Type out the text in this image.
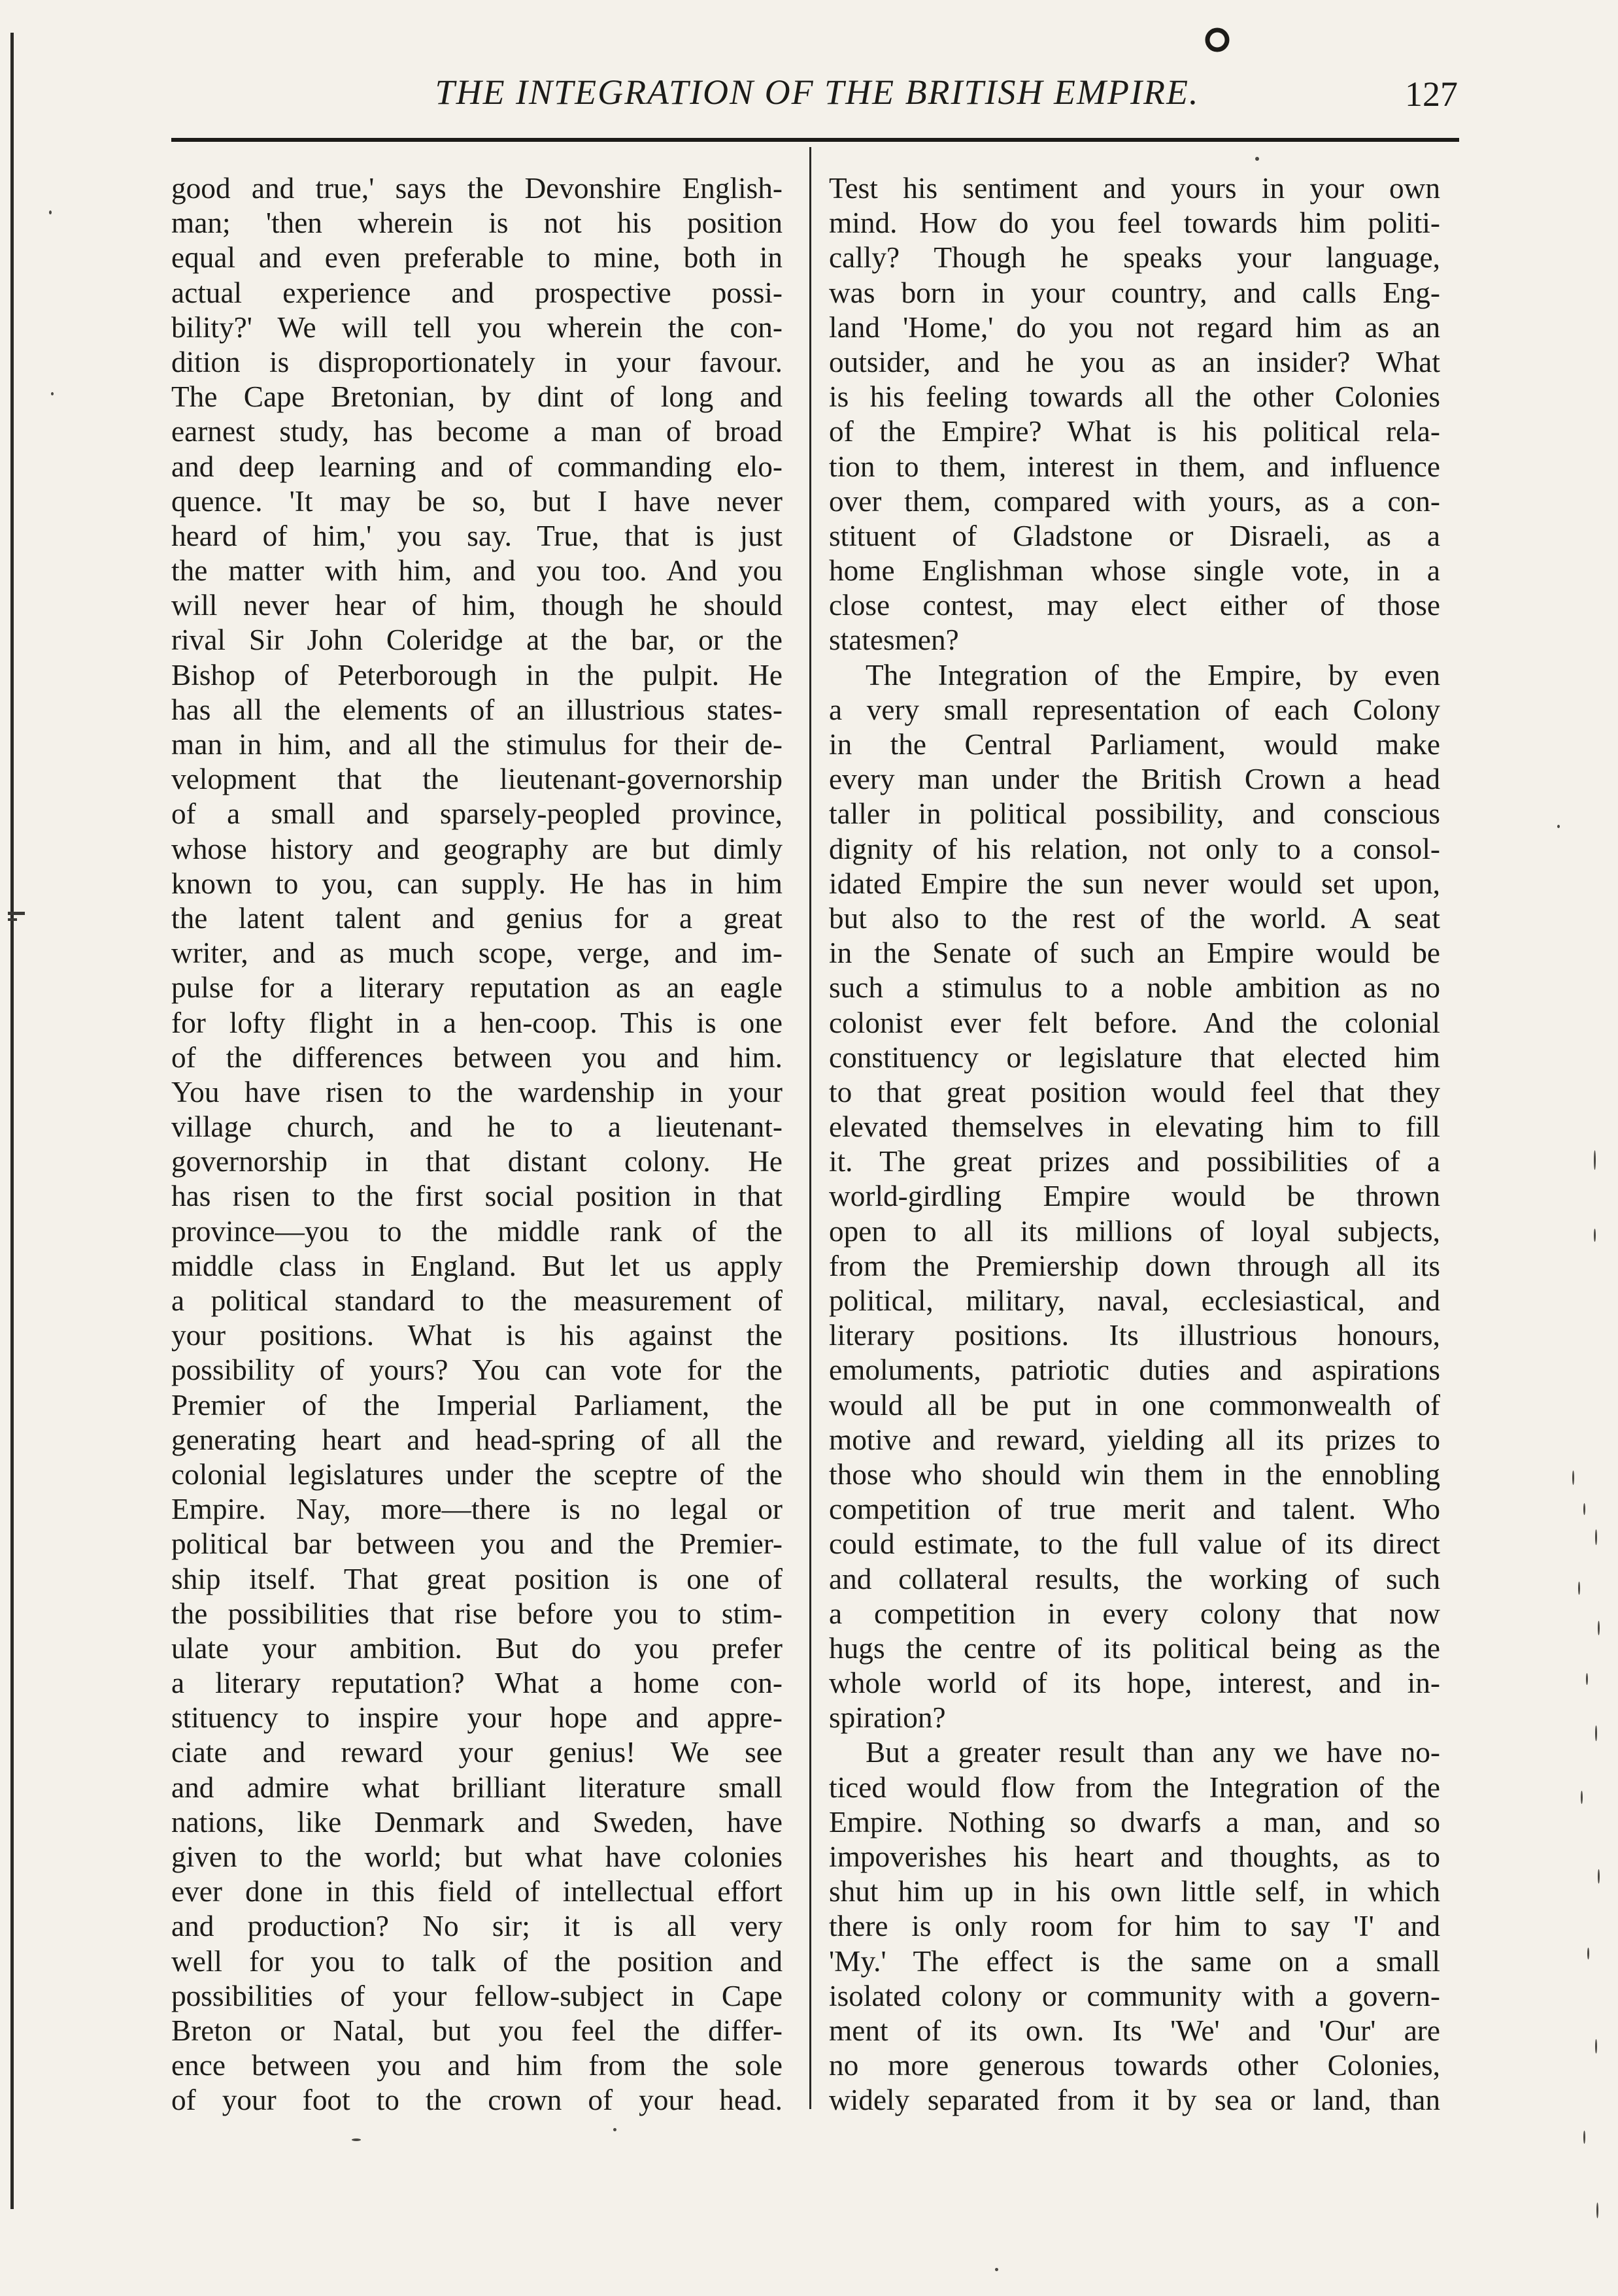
THE INTEGRATION OF THE BRITISH EMPIRE.	127
good and true,' says the Devonshire English-
man; 'then wherein is not his position
equal and even preferable to mine, both in
actual experience and prospective possi-
bility?' We will tell you wherein the con-
dition is disproportionately in your favour.
The Cape Bretonian, by dint of long and
earnest study, has become a man of broad
and deep learning and of commanding elo-
quence. 'It may be so, but I have never
heard of him,' you say. True, that is just
the matter with him, and you too. And you
will never hear of him, though he should
rival Sir John Coleridge at the bar, or the
Bishop of Peterborough in the pulpit. He
has all the elements of an illustrious states-
man in him, and all the stimulus for their de-
velopment that the lieutenant-governorship
of a small and sparsely-peopled province,
whose history and geography are but dimly
known to you, can supply. He has in him
the latent talent and genius for a great
writer, and as much scope, verge, and im-
pulse for a literary reputation as an eagle
for lofty flight in a hen-coop. This is one
of the differences between you and him.
You have risen to the wardenship in your
village church, and he to a lieutenant-
governorship in that distant colony. He
has risen to the first social position in that
province—you to the middle rank of the
middle class in England. But let us apply
a political standard to the measurement of
your positions. What is his against the
possibility of yours? You can vote for the
Premier of the Imperial Parliament, the
generating heart and head-spring of all the
colonial legislatures under the sceptre of the
Empire. Nay, more—there is no legal or
political bar between you and the Premier-
ship itself. That great position is one of
the possibilities that rise before you to stim-
ulate your ambition. But do you prefer
a literary reputation? What a home con-
stituency to inspire your hope and appre-
ciate and reward your genius! We see
and admire what brilliant literature small
nations, like Denmark and Sweden, have
given to the world; but what have colonies
ever done in this field of intellectual effort
and production? No sir; it is all very
well for you to talk of the position and
possibilities of your fellow-subject in Cape
Breton or Natal, but you feel the differ-
ence between you and him from the sole
of your foot to the crown of your head.
Test his sentiment and yours in your own
mind. How do you feel towards him politi-
cally? Though he speaks your language,
was born in your country, and calls Eng-
land 'Home,' do you not regard him as an
outsider, and he you as an insider? What
is his feeling towards all the other Colonies
of the Empire? What is his political rela-
tion to them, interest in them, and influence
over them, compared with yours, as a con-
stituent of Gladstone or Disraeli, as a
home Englishman whose single vote, in a
close contest, may elect either of those
statesmen?
The Integration of the Empire, by even
a very small representation of each Colony
in the Central Parliament, would make
every man under the British Crown a head
taller in political possibility, and conscious
dignity of his relation, not only to a consol-
idated Empire the sun never would set upon,
but also to the rest of the world. A seat
in the Senate of such an Empire would be
such a stimulus to a noble ambition as no
colonist ever felt before. And the colonial
constituency or legislature that elected him
to that great position would feel that they
elevated themselves in elevating him to fill
it. The great prizes and possibilities of a
world-girdling Empire would be thrown
open to all its millions of loyal subjects,
from the Premiership down through all its
political, military, naval, ecclesiastical, and
literary positions. Its illustrious honours,
emoluments, patriotic duties and aspirations
would all be put in one commonwealth of
motive and reward, yielding all its prizes to
those who should win them in the ennobling
competition of true merit and talent. Who
could estimate, to the full value of its direct
and collateral results, the working of such
a competition in every colony that now
hugs the centre of its political being as the
whole world of its hope, interest, and in-
spiration?
But a greater result than any we have no-
ticed would flow from the Integration of the
Empire. Nothing so dwarfs a man, and so
impoverishes his heart and thoughts, as to
shut him up in his own little self, in which
there is only room for him to say 'I' and
'My.' The effect is the same on a small
isolated colony or community with a govern-
ment of its own. Its 'We' and 'Our' are
no more generous towards other Colonies,
widely separated from it by sea or land, than
